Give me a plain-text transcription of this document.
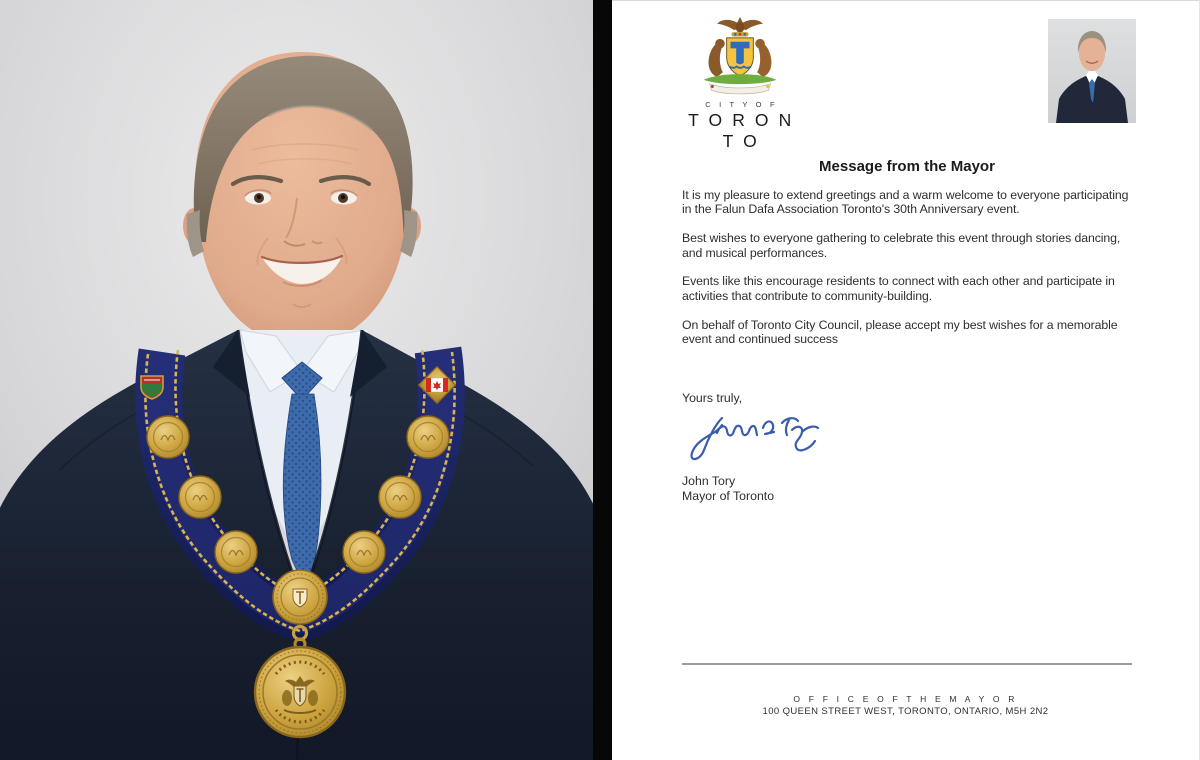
C I T Y O F
T O R O N T O
Message from the Mayor

It is my pleasure to extend greetings and a warm welcome to everyone participating in the Falun Dafa Association Toronto's 30th Anniversary event.

Best wishes to everyone gathering to celebrate this event through stories dancing, and musical performances.

Events like this encourage residents to connect with each other and participate in activities that contribute to community-building.

On behalf of Toronto City Council, please accept my best wishes for a memorable event and continued success

Yours truly,
John Tory
Mayor of Toronto
O F F I C E O F T H E M A Y O R
100 QUEEN STREET WEST, TORONTO, ONTARIO, M5H 2N2
